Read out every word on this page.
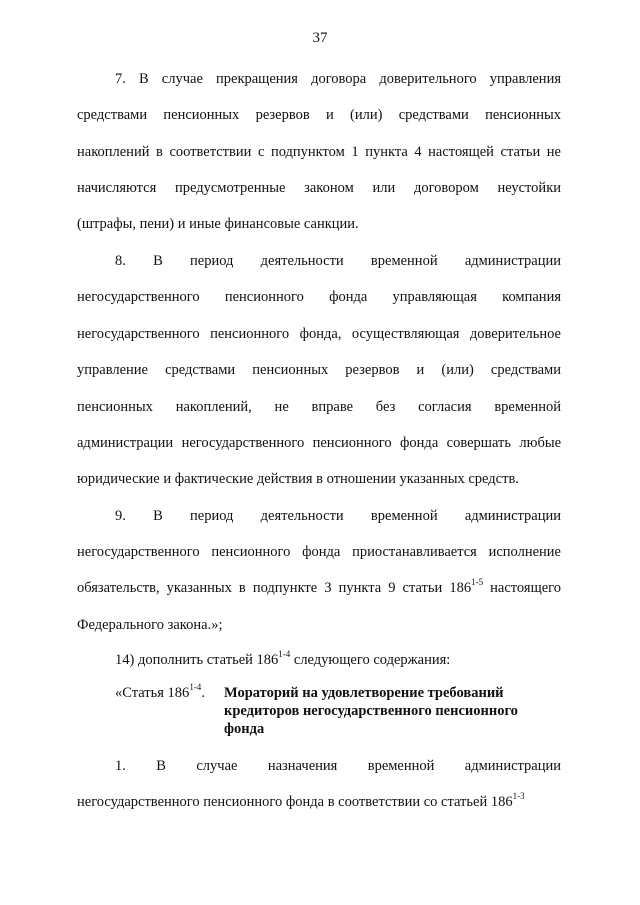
37
7. В случае прекращения договора доверительного управления
средствами пенсионных резервов и (или) средствами пенсионных
накоплений в соответствии с подпунктом 1 пункта 4 настоящей статьи не
начисляются предусмотренные законом или договором неустойки
(штрафы, пени) и иные финансовые санкции.
8. В период деятельности временной администрации
негосударственного пенсионного фонда управляющая компания
негосударственного пенсионного фонда, осуществляющая доверительное
управление средствами пенсионных резервов и (или) средствами
пенсионных накоплений, не вправе без согласия временной
администрации негосударственного пенсионного фонда совершать любые
юридические и фактические действия в отношении указанных средств.
9. В период деятельности временной администрации
негосударственного пенсионного фонда приостанавливается исполнение
обязательств, указанных в подпункте 3 пункта 9 статьи 186$^{1-5}$ настоящего
Федерального закона.»;
14) дополнить статьей 186$^{1-4}$ следующего содержания:
«Статья 186$^{1-4}$. Мораторий на удовлетворение требований
кредиторов негосударственного пенсионного
фонда
1. В случае назначения временной администрации
негосударственного пенсионного фонда в соответствии со статьей 186$^{1-3}$
